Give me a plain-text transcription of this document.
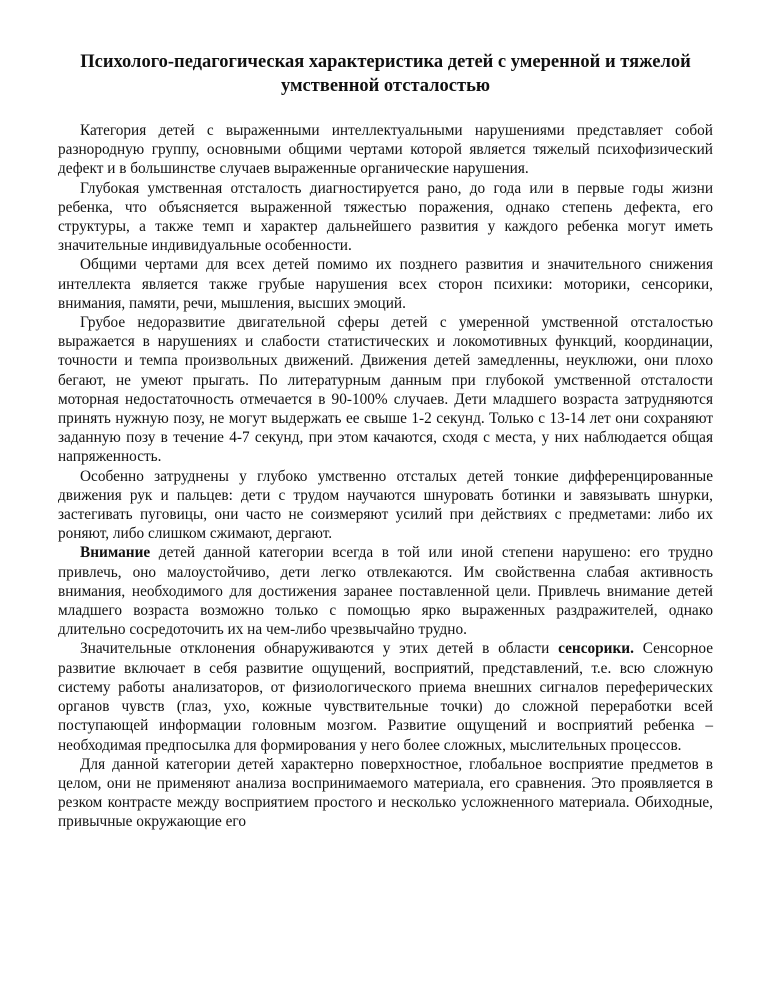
Психолого-педагогическая характеристика детей с умеренной и тяжелой умственной отсталостью

Категория детей с выраженными интеллектуальными нарушениями представляет собой разнородную группу, основными общими чертами которой является тяжелый психофизический дефект и в большинстве случаев выраженные органические нарушения.

Глубокая умственная отсталость диагностируется рано, до года или в первые годы жизни ребенка, что объясняется выраженной тяжестью поражения, однако степень дефекта, его структуры, а также темп и характер дальнейшего развития у каждого ребенка могут иметь значительные индивидуальные особенности.

Общими чертами для всех детей помимо их позднего развития и значительного снижения интеллекта является также грубые нарушения всех сторон психики: моторики, сенсорики, внимания, памяти, речи, мышления, высших эмоций.

Грубое недоразвитие двигательной сферы детей с умеренной умственной отсталостью выражается в нарушениях и слабости статистических и локомотивных функций, координации, точности и темпа произвольных движений. Движения детей замедленны, неуклюжи, они плохо бегают, не умеют прыгать. По литературным данным при глубокой умственной отсталости моторная недостаточность отмечается в 90-100% случаев. Дети младшего возраста затрудняются принять нужную позу, не могут выдержать ее свыше 1-2 секунд. Только с 13-14 лет они сохраняют заданную позу в течение 4-7 секунд, при этом качаются, сходя с места, у них наблюдается общая напряженность.

Особенно затруднены у глубоко умственно отсталых детей тонкие дифференцированные движения рук и пальцев: дети с трудом научаются шнуровать ботинки и завязывать шнурки, застегивать пуговицы, они часто не соизмеряют усилий при действиях с предметами: либо их роняют, либо слишком сжимают, дергают.

Внимание детей данной категории всегда в той или иной степени нарушено: его трудно привлечь, оно малоустойчиво, дети легко отвлекаются. Им свойственна слабая активность внимания, необходимого для достижения заранее поставленной цели. Привлечь внимание детей младшего возраста возможно только с помощью ярко выраженных раздражителей, однако длительно сосредоточить их на чем-либо чрезвычайно трудно.

Значительные отклонения обнаруживаются у этих детей в области сенсорики. Сенсорное развитие включает в себя развитие ощущений, восприятий, представлений, т.е. всю сложную систему работы анализаторов, от физиологического приема внешних сигналов переферических органов чувств (глаз, ухо, кожные чувствительные точки) до сложной переработки всей поступающей информации головным мозгом. Развитие ощущений и восприятий ребенка – необходимая предпосылка для формирования у него более сложных, мыслительных процессов.

Для данной категории детей характерно поверхностное, глобальное восприятие предметов в целом, они не применяют анализа воспринимаемого материала, его сравнения. Это проявляется в резком контрасте между восприятием простого и несколько усложненного материала. Обиходные, привычные окружающие его
